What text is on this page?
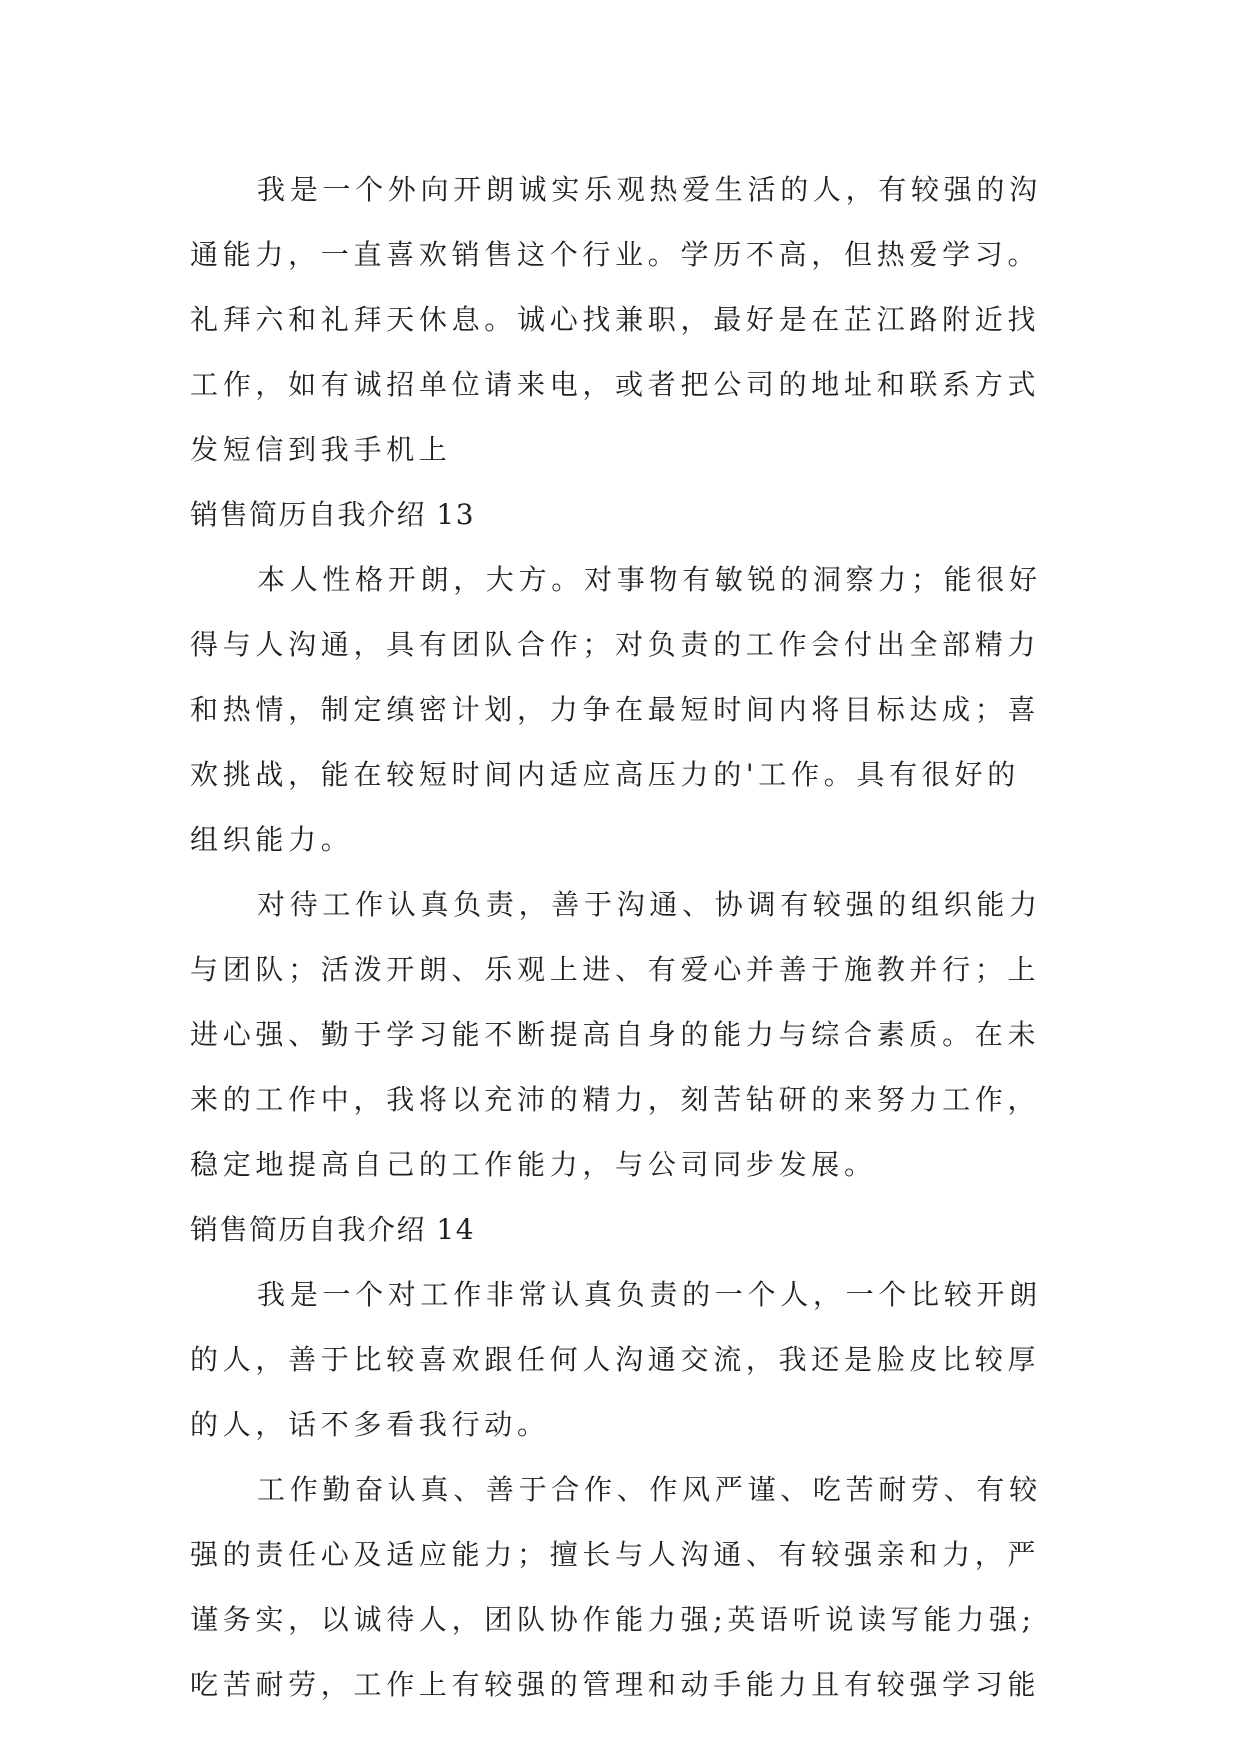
我是一个外向开朗诚实乐观热爱生活的人，有较强的沟
通能力，一直喜欢销售这个行业。学历不高，但热爱学习。
礼拜六和礼拜天休息。诚心找兼职，最好是在芷江路附近找
工作，如有诚招单位请来电，或者把公司的地址和联系方式
发短信到我手机上
销售简历自我介绍 13
本人性格开朗，大方。对事物有敏锐的洞察力；能很好
得与人沟通，具有团队合作；对负责的工作会付出全部精力
和热情，制定缜密计划，力争在最短时间内将目标达成；喜
欢挑战，能在较短时间内适应高压力的'工作。具有很好的
组织能力。
对待工作认真负责，善于沟通、协调有较强的组织能力
与团队；活泼开朗、乐观上进、有爱心并善于施教并行；上
进心强、勤于学习能不断提高自身的能力与综合素质。在未
来的工作中，我将以充沛的精力，刻苦钻研的来努力工作，
稳定地提高自己的工作能力，与公司同步发展。
销售简历自我介绍 14
我是一个对工作非常认真负责的一个人，一个比较开朗
的人，善于比较喜欢跟任何人沟通交流，我还是脸皮比较厚
的人，话不多看我行动。
工作勤奋认真、善于合作、作风严谨、吃苦耐劳、有较
强的责任心及适应能力；擅长与人沟通、有较强亲和力，严
谨务实，以诚待人，团队协作能力强;英语听说读写能力强;
吃苦耐劳，工作上有较强的管理和动手能力且有较强学习能
